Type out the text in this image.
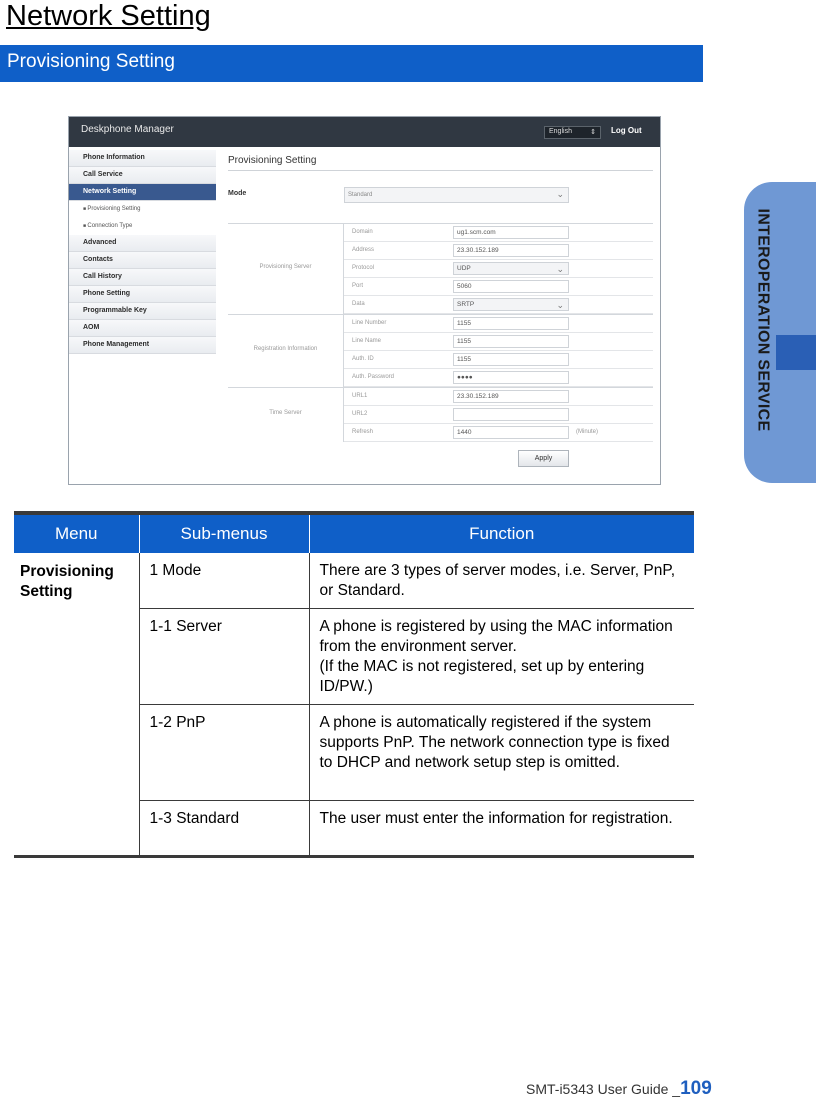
Network Setting
Provisioning Setting
INTEROPERATION SERVICE
Deskphone Manager	English	⇕ Log Out
Phone Information
Call Service
Network Setting
■ Provisioning Setting
■ Connection Type
Advanced
Contacts
Call History
Phone Setting
Programmable Key
AOM
Phone Management
Provisioning Setting
Mode	Standard	⌄
Provisioning Server
Domain	ug1.scm.com
Address	23.30.152.189
Protocol	UDP	⌄
Port	5060
Data	SRTP	⌄
Registration Information
Line Number	1155
Line Name	1155
Auth. ID	1155
Auth. Password	●●●●
Time Server
URL1	23.30.152.189
URL2
Refresh	1440	(Minute)
Apply
Menu	Sub-menus	Function
Provisioning Setting	1 Mode	There are 3 types of server modes, i.e. Server, PnP, or Standard.
	1-1 Server	A phone is registered by using the MAC information from the environment server.
(If the MAC is not registered, set up by entering ID/PW.)

	1-2 PnP	A phone is automatically registered if the system supports PnP. The network connection type is fixed to DHCP and network setup step is omitted.
	1-3 Standard	The user must enter the information for registration.
SMT-i5343 User Guide _109
